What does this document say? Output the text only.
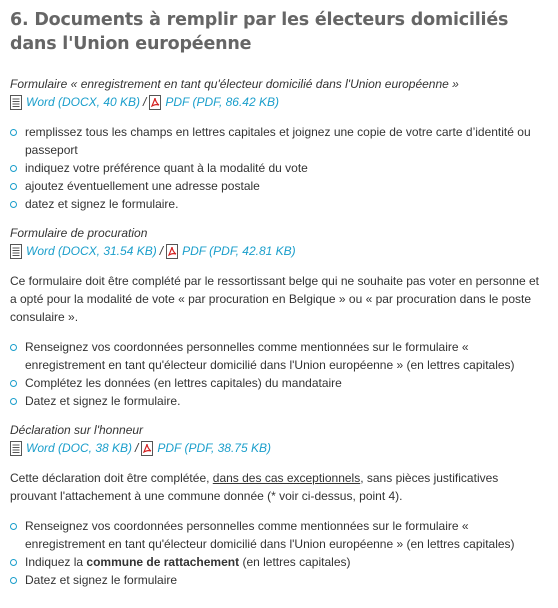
6. Documents à remplir par les électeurs domiciliés dans l'Union européenne
Formulaire « enregistrement en tant qu'électeur domicilié dans l'Union européenne »
Word (DOCX, 40 KB) / PDF (PDF, 86.42 KB)
remplissez tous les champs en lettres capitales et joignez une copie de votre carte d’identité ou passeport
indiquez votre préférence quant à la modalité du vote
ajoutez éventuellement une adresse postale
datez et signez le formulaire.
Formulaire de procuration
Word (DOCX, 31.54 KB) / PDF (PDF, 42.81 KB)

Ce formulaire doit être complété par le ressortissant belge qui ne souhaite pas voter en personne et a opté pour la modalité de vote « par procuration en Belgique » ou « par procuration dans le poste consulaire ».

Renseignez vos coordonnées personnelles comme mentionnées sur le formulaire « enregistrement en tant qu'électeur domicilié dans l'Union européenne » (en lettres capitales)
Complétez les données (en lettres capitales) du mandataire
Datez et signez le formulaire.
Déclaration sur l'honneur
Word (DOC, 38 KB) / PDF (PDF, 38.75 KB)

Cette déclaration doit être complétée, dans des cas exceptionnels, sans pièces justificatives prouvant l'attachement à une commune donnée (* voir ci-dessus, point 4).

Renseignez vos coordonnées personnelles comme mentionnées sur le formulaire « enregistrement en tant qu'électeur domicilié dans l'Union européenne » (en lettres capitales)
Indiquez la commune de rattachement (en lettres capitales)
Datez et signez le formulaire
